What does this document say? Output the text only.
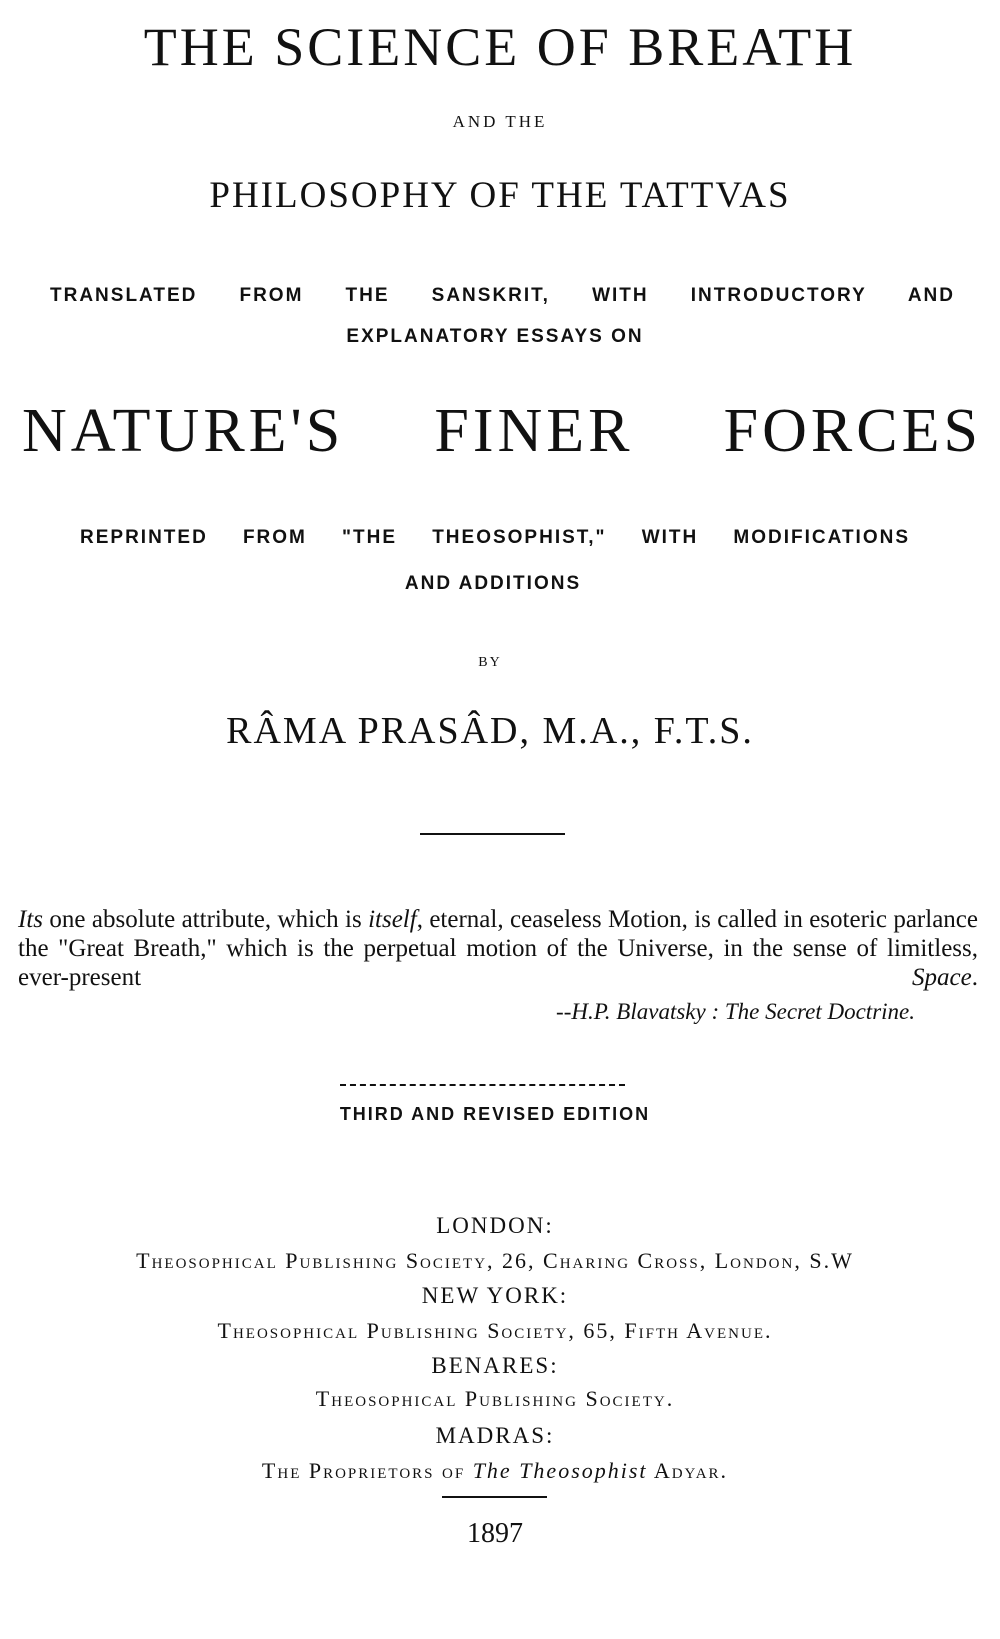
THE SCIENCE OF BREATH
AND THE
PHILOSOPHY OF THE TATTVAS
TRANSLATED FROM THE SANSKRIT, WITH INTRODUCTORY AND
EXPLANATORY ESSAYS ON
NATURE'S FINER FORCES
REPRINTED FROM "THE THEOSOPHIST," WITH MODIFICATIONS
AND ADDITIONS
BY
RÂMA PRASÂD, M.A., F.T.S.
Its one absolute attribute, which is itself, eternal, ceaseless Motion, is called in esoteric parlance the "Great Breath," which is the perpetual motion of the Universe, in the sense of limitless, ever-present Space.
--H.P. Blavatsky : The Secret Doctrine.
THIRD AND REVISED EDITION
LONDON:
Theosophical Publishing Society, 26, Charing Cross, London, S.W
NEW YORK:
Theosophical Publishing Society, 65, Fifth Avenue.
BENARES:
Theosophical Publishing Society.
MADRAS:
The Proprietors of The Theosophist Adyar.
1897
